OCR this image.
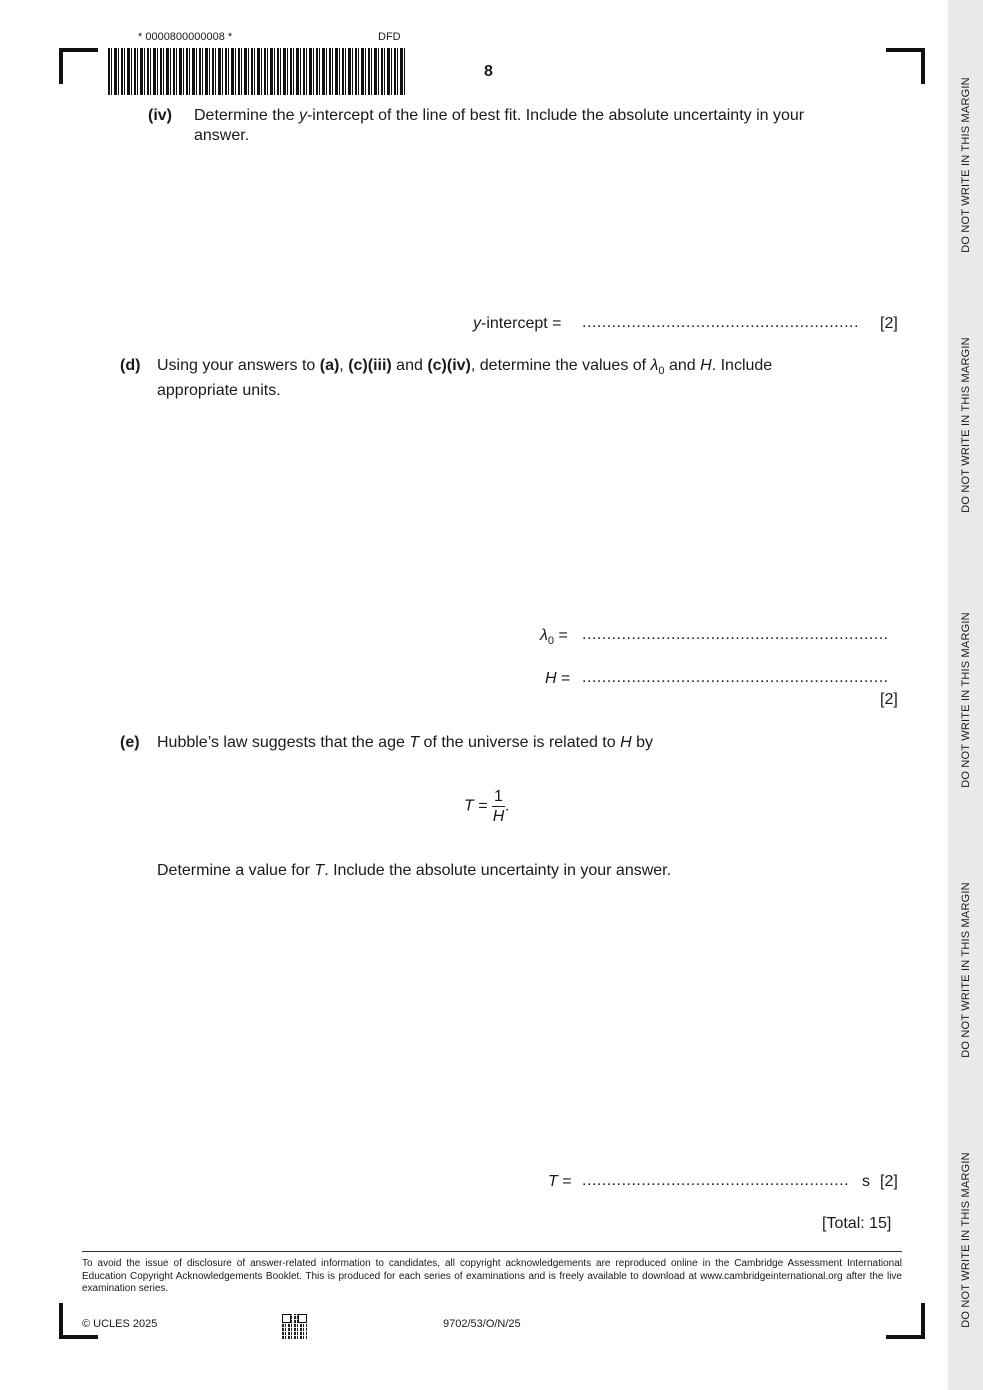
DO NOT WRITE IN THIS MARGIN
DO NOT WRITE IN THIS MARGIN
DO NOT WRITE IN THIS MARGIN
DO NOT WRITE IN THIS MARGIN
DO NOT WRITE IN THIS MARGIN
* 0000800000008 *	DFD
8
(iv) Determine the y-intercept of the line of best fit. Include the absolute uncertainty in your
answer.
y-intercept = ........................................................ [2]
(d) Using your answers to (a), (c)(iii) and (c)(iv), determine the values of $\lambda_0$ and H. Include
appropriate units.
$\lambda_0$ = ..............................................................
H = ..............................................................
[2]
(e) Hubble’s law suggests that the age T of the universe is related to H by
$T = \frac{1}{H}$ .
Determine a value for T. Include the absolute uncertainty in your answer.
T = ...................................................... s [2]
[Total: 15]
To avoid the issue of disclosure of answer-related information to candidates, all copyright acknowledgements are reproduced online in the Cambridge Assessment International Education Copyright Acknowledgements Booklet. This is produced for each series of examinations and is freely available to download at www.cambridgeinternational.org after the live examination series.
© UCLES 2025	9702/53/O/N/25
